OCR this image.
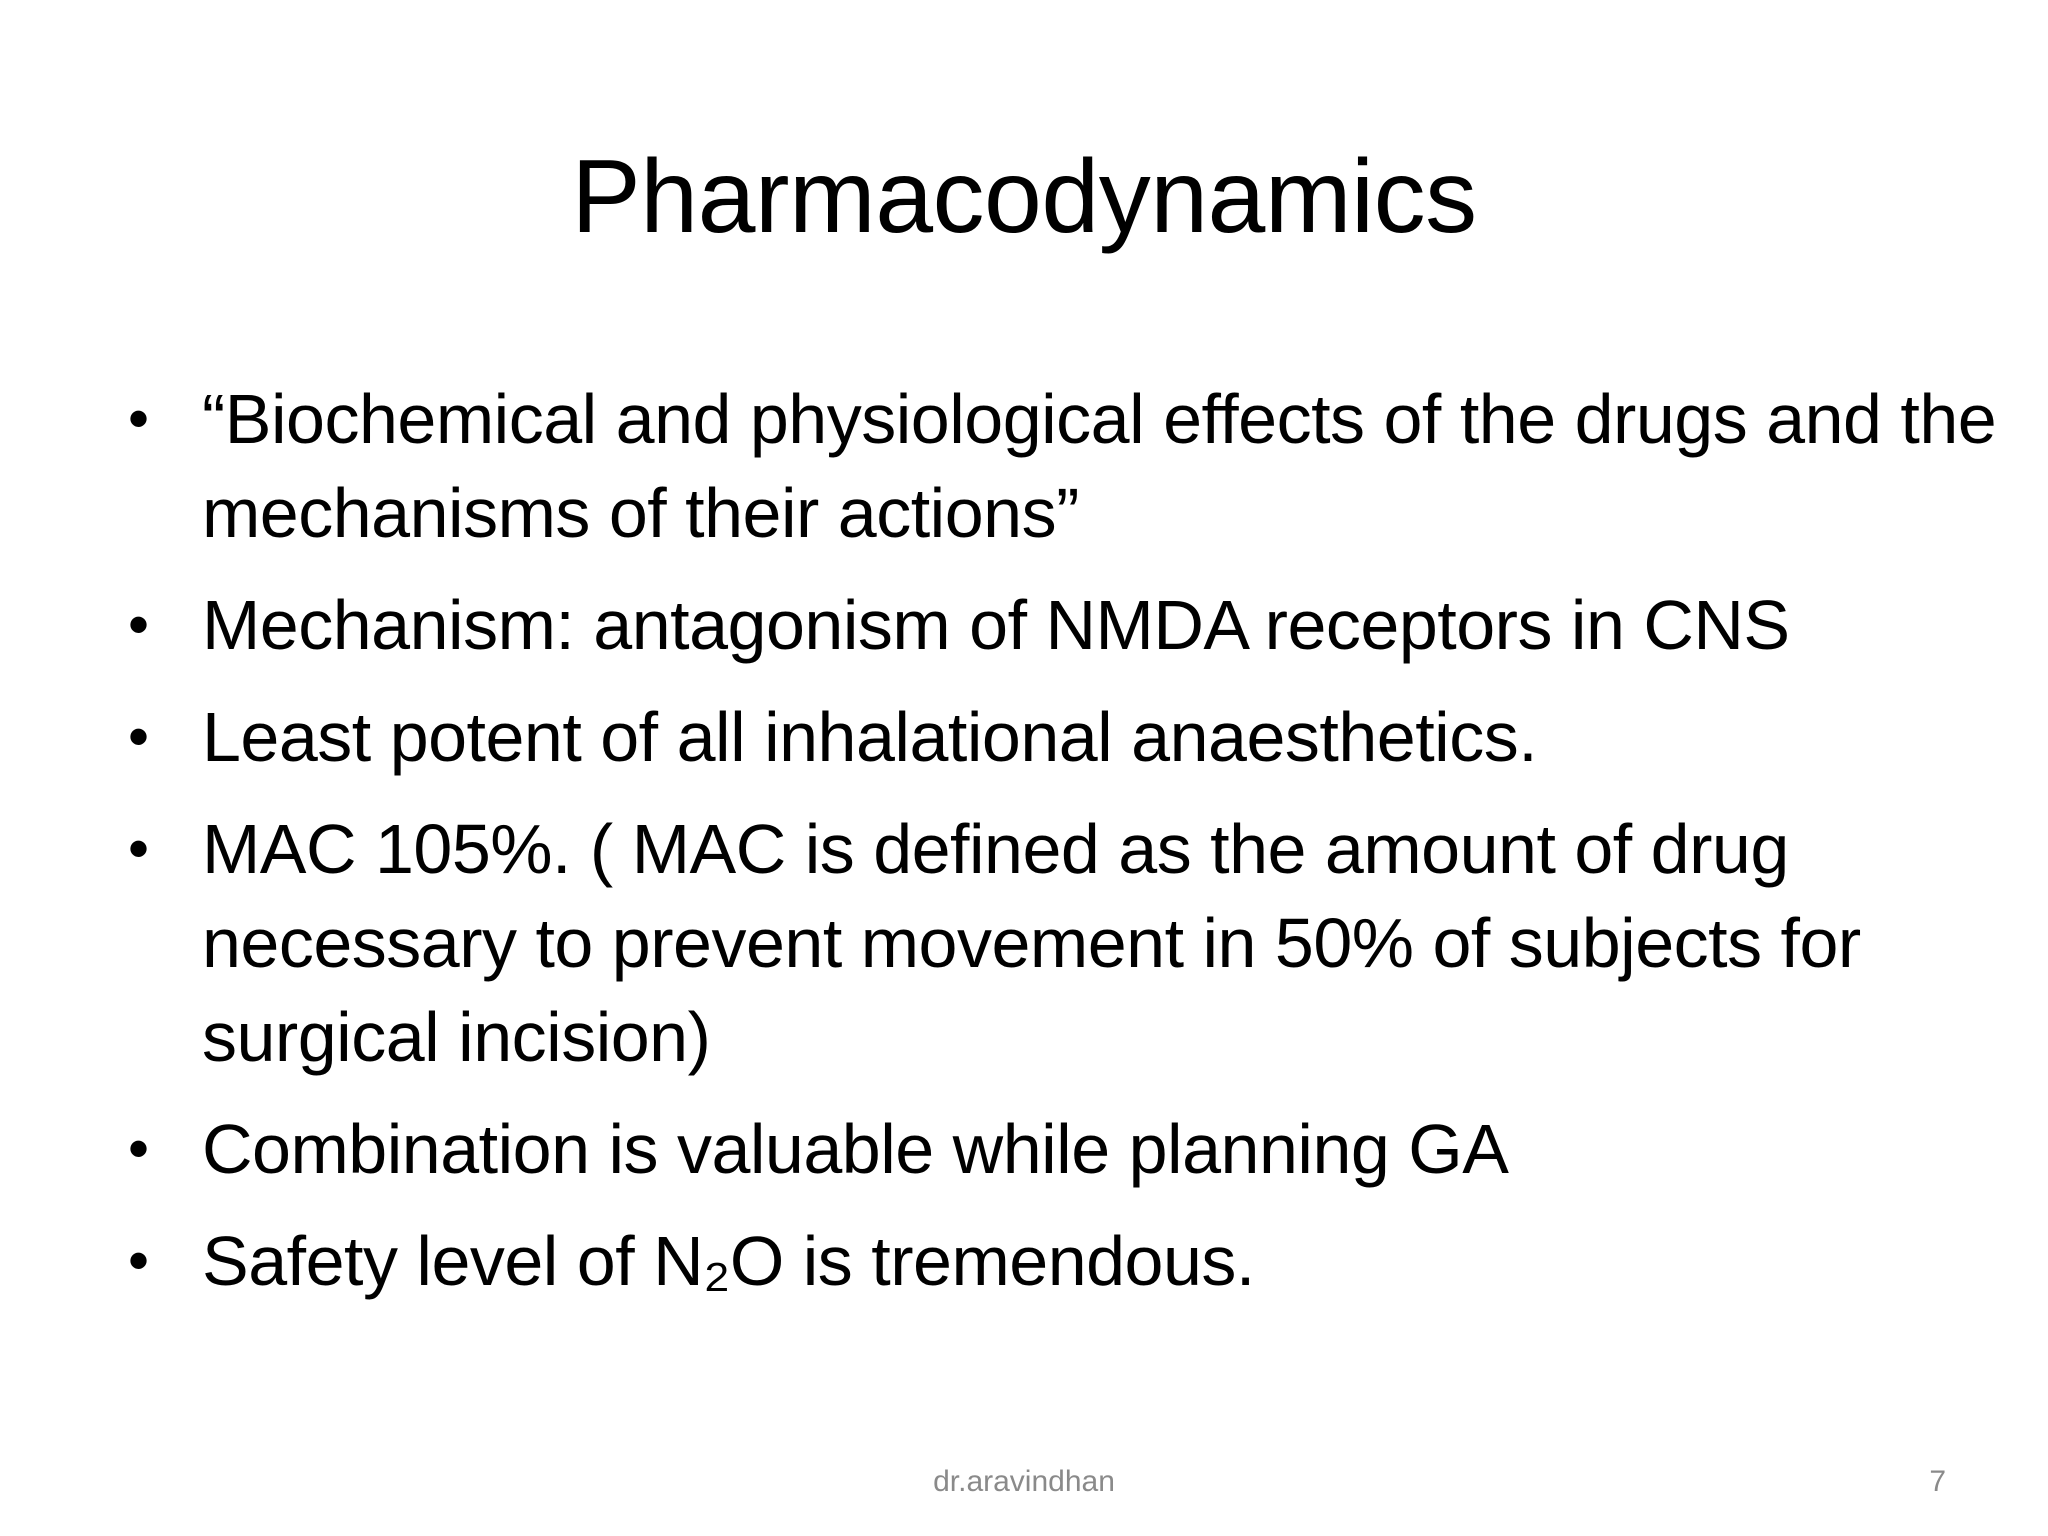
Pharmacodynamics
• “Biochemical and physiological effects of the drugs and the mechanisms of their actions”
• Mechanism: antagonism of NMDA receptors in CNS
• Least potent of all inhalational anaesthetics.
• MAC 105%. ( MAC is defined as the amount of drug necessary to prevent movement in 50% of subjects for surgical incision)
• Combination is valuable while planning GA
• Safety level of N₂O is tremendous.
dr.aravindhan	7
